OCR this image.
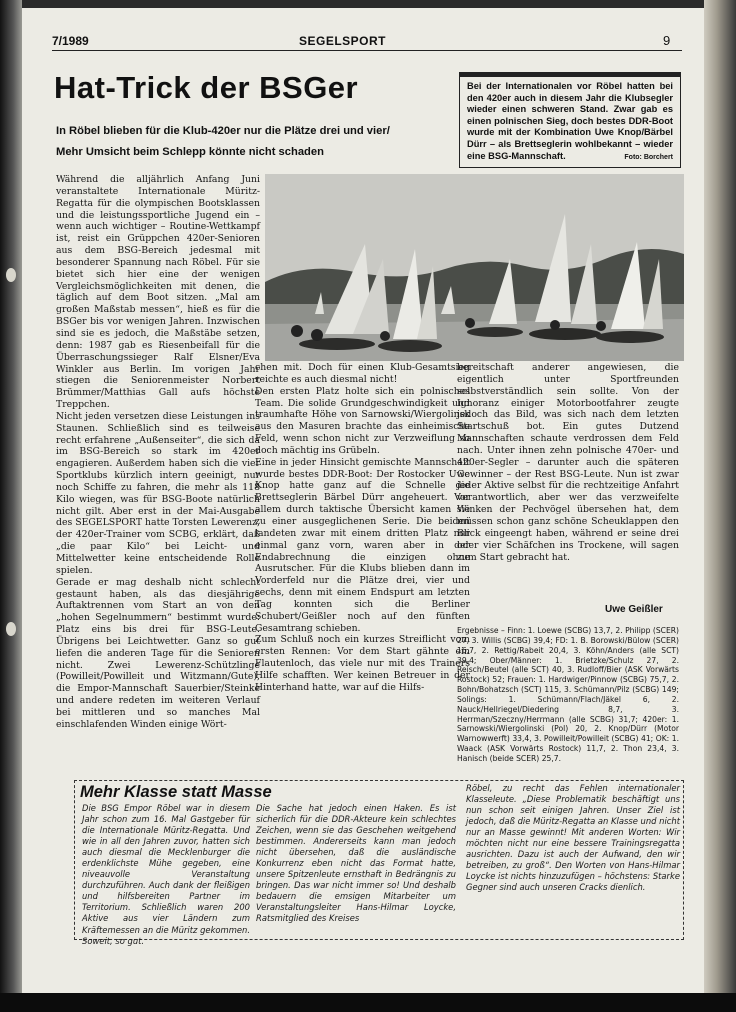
7/1989	SEGELSPORT	9
Hat-Trick der BSGer
In Röbel blieben für die Klub-420er nur die Plätze drei und vier/
Mehr Umsicht beim Schlepp könnte nicht schaden
Bei der Internationalen vor Röbel hatten bei den 420er auch in diesem Jahr die Klubsegler wieder einen schweren Stand. Zwar gab es einen polnischen Sieg, doch bestes DDR-Boot wurde mit der Kombination Uwe Knop/Bärbel Dürr – als Brettseglerin wohlbekannt – wieder eine BSG-Mannschaft.	Foto: Borchert

Während die alljährlich Anfang Juni veranstaltete Internationale Müritz-Regatta für die olympischen Bootsklassen und die leistungssportliche Jugend ein – wenn auch wichtiger – Routine-Wettkampf ist, reist ein Grüppchen 420er-Senioren aus dem BSG-Bereich jedesmal mit besonderer Spannung nach Röbel. Für sie bietet sich hier eine der wenigen Vergleichsmöglichkeiten mit denen, die täglich auf dem Boot sitzen. „Mal am großen Maßstab messen“, hieß es für die BSGer bis vor wenigen Jahren. Inzwischen sind sie es jedoch, die Maßstäbe setzen, denn: 1987 gab es Riesenbeifall für die Überraschungssieger Ralf Elsner/Eva Winkler aus Berlin. Im vorigen Jahr stiegen die Seniorenmeister Norbert Brümmer/Matthias Gall aufs höchste Treppchen.

Nicht jeden versetzen diese Leistungen ins Staunen. Schließlich sind es teilweise recht erfahrene „Außenseiter“, die sich da im BSG-Bereich so stark im 420er engagieren. Außerdem haben sich die vier Sportklubs kürzlich intern geeinigt, nur noch Schiffe zu fahren, die mehr als 118 Kilo wiegen, was für BSG-Boote natürlich nicht gilt. Aber erst in der Mai-Ausgabe des SEGELSPORT hatte Torsten Lewerenz, der 420er-Trainer vom SCBG, erklärt, daß „die paar Kilo“ bei Leicht- und Mittelwetter keine entscheidende Rolle spielen.

Gerade er mag deshalb nicht schlecht gestaunt haben, als das diesjährige Auftaktrennen vom Start an von den „hohen Segelnummern“ bestimmt wurde: Platz eins bis drei für BSG-Leute. Übrigens bei Leichtwetter. Ganz so gut liefen die anderen Tage für die Senioren nicht. Zwei Lewerenz-Schützlinge (Powilleit/Powilleit und Witzmann/Gute), die Empor-Mannschaft Sauerbier/Steinke und andere redeten im weiteren Verlauf bei mittleren und so manches Mal einschlafenden Winden einige Wört-

chen mit. Doch für einen Klub-Gesamtsieg reichte es auch diesmal nicht!

Den ersten Platz holte sich ein polnisches Team. Die solide Grundgeschwindigkeit und traumhafte Höhe von Sarnowski/Wiergolinsk aus den Masuren brachte das einheimische Feld, wenn schon nicht zur Verzweiflung so doch mächtig ins Grübeln.

Eine in jeder Hinsicht gemischte Mannschaft wurde bestes DDR-Boot: Der Rostocker Uwe Knop hatte ganz auf die Schnelle die Brettseglerin Bärbel Dürr angeheuert. Vor allem durch taktische Übersicht kamen sie zu einer ausgeglichenen Serie. Die beiden landeten zwar mit einem dritten Platz nur einmal ganz vorn, waren aber in der Endabrechnung die einzigen ohne Ausrutscher. Für die Klubs blieben dann im Vorderfeld nur die Plätze drei, vier und sechs, denn mit einem Endspurt am letzten Tag konnten sich die Berliner Schubert/Geißler noch auf den fünften Gesamtrang schieben.

Zum Schluß noch ein kurzes Streiflicht vom ersten Rennen: Vor dem Start gähnte ein Flautenloch, das viele nur mit des Trainers Hilfe schafften. Wer keinen Betreuer in der Hinterhand hatte, war auf die Hilfs-

bereitschaft anderer angewiesen, die eigentlich unter Sportfreunden selbstverständlich sein sollte. Von der Ignoranz einiger Motorbootfahrer zeugte jedoch das Bild, was sich nach dem letzten Startschuß bot. Ein gutes Dutzend Mannschaften schaute verdrossen dem Feld nach. Unter ihnen zehn polnische 470er- und 420er-Segler – darunter auch die späteren Gewinner – der Rest BSG-Leute. Nun ist zwar jeder Aktive selbst für die rechtzeitige Anfahrt verantwortlich, aber wer das verzweifelte Winken der Pechvögel übersehen hat, dem müssen schon ganz schöne Scheuklappen den Blick eingeengt haben, während er seine drei oder vier Schäfchen ins Trockene, will sagen zum Start gebracht hat.

Uwe Geißler
Ergebnisse – Finn: 1. Loewe (SCBG) 13,7, 2. Philipp (SCER) 27, 3. Willis (SCBG) 39,4; FD: 1. B. Borowski/Bülow (SCER) 16,7, 2. Rettig/Rabeit 20,4, 3. Köhn/Anders (alle SCT) 39,4; Ober/Männer: 1. Brietzke/Schulz 27, 2. Reisch/Beutel (alle SCT) 40, 3. Rudloff/Bier (ASK Vorwärts Rostock) 52; Frauen: 1. Hardwiger/Pinnow (SCBG) 75,7, 2. Bohn/Bohatzsch (SCT) 115, 3. Schümann/Pilz (SCBG) 149; Solings: 1. Schümann/Flach/Jäkel 6, 2. Nauck/Hellriegel/Diedering 8,7, 3. Herrman/Szeczny/Herrmann (alle SCBG) 31,7; 420er: 1. Sarnowski/Wiergolinski (Pol) 20, 2. Knop/Dürr (Motor Warnowwerft) 33,4, 3. Powilleit/Powilleit (SCBG) 41; OK: 1. Waack (ASK Vorwärts Rostock) 11,7, 2. Thon 23,4, 3. Hanisch (beide SCER) 25,7.
Mehr Klasse statt Masse
Die BSG Empor Röbel war in diesem Jahr schon zum 16. Mal Gastgeber für die Internationale Müritz-Regatta. Und wie in all den Jahren zuvor, hatten sich auch diesmal die Mecklenburger die erdenklichste Mühe gegeben, eine niveauvolle Veranstaltung durchzuführen. Auch dank der fleißigen und hilfsbereiten Partner im Territorium. Schließlich waren 200 Aktive aus vier Ländern zum Kräftemessen an die Müritz gekommen. Soweit, so gut.
Die Sache hat jedoch einen Haken. Es ist sicherlich für die DDR-Akteure kein schlechtes Zeichen, wenn sie das Geschehen weitgehend bestimmen. Andererseits kann man jedoch nicht übersehen, daß die ausländische Konkurrenz eben nicht das Format hatte, unsere Spitzenleute ernsthaft in Bedrängnis zu bringen. Das war nicht immer so! Und deshalb bedauern die emsigen Mitarbeiter um Veranstaltungsleiter Hans-Hilmar Loycke, Ratsmitglied des Kreises
Röbel, zu recht das Fehlen internationaler Klasseleute. „Diese Problematik beschäftigt uns nun schon seit einigen Jahren. Unser Ziel ist jedoch, daß die Müritz-Regatta an Klasse und nicht nur an Masse gewinnt! Mit anderen Worten: Wir möchten nicht nur eine bessere Trainingsregatta ausrichten. Dazu ist auch der Aufwand, den wir betreiben, zu groß“. Den Worten von Hans-Hilmar Loycke ist nichts hinzuzufügen – höchstens: Starke Gegner sind auch unseren Cracks dienlich.
